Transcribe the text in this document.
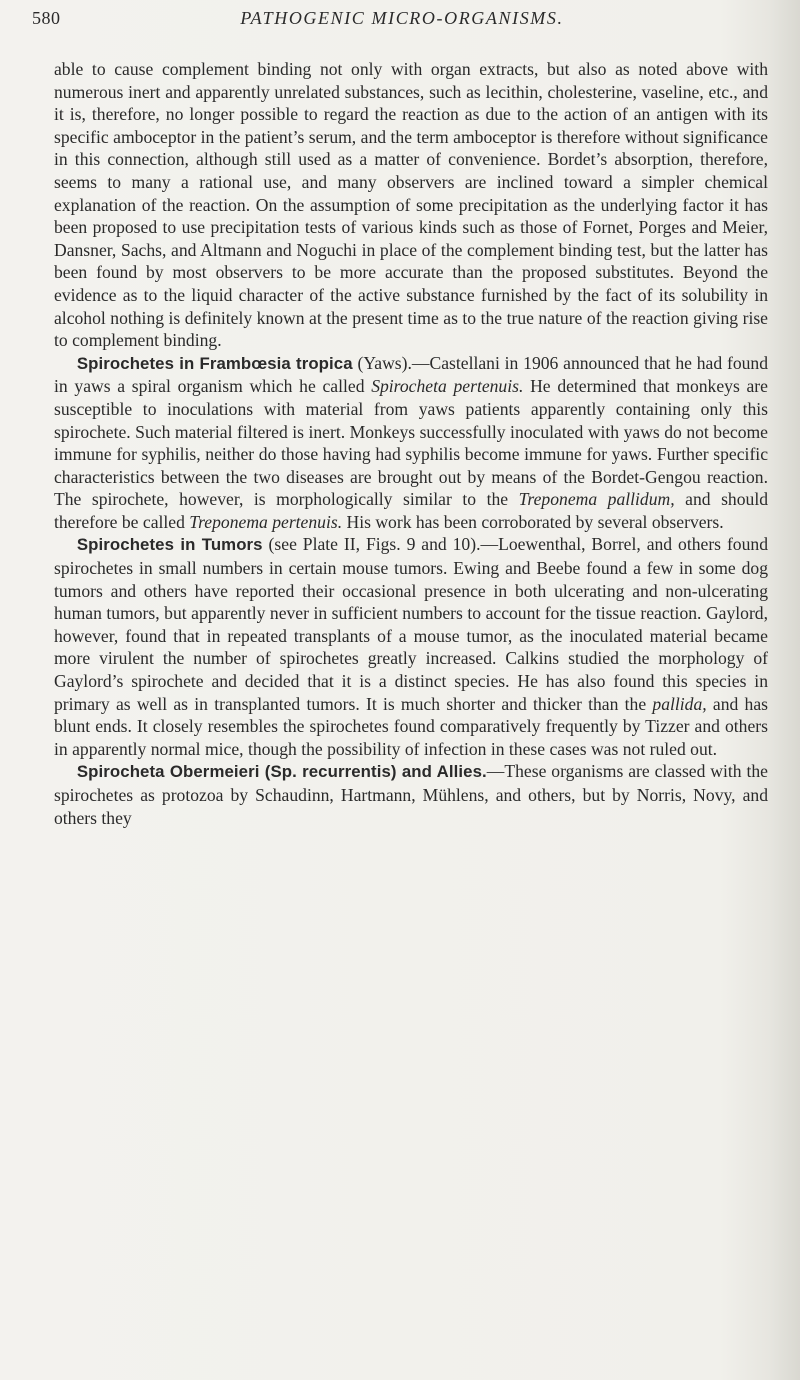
580	PATHOGENIC MICRO-ORGANISMS.

able to cause complement binding not only with organ extracts, but also as noted above with numerous inert and apparently unrelated substances, such as lecithin, cholesterine, vaseline, etc., and it is, therefore, no longer possible to regard the reaction as due to the action of an antigen with its specific amboceptor in the patient’s serum, and the term amboceptor is therefore without significance in this connection, although still used as a matter of convenience. Bordet’s absorption, therefore, seems to many a rational use, and many observers are inclined toward a simpler chemical explanation of the reaction. On the assumption of some precipitation as the underlying factor it has been proposed to use precipitation tests of various kinds such as those of Fornet, Porges and Meier, Dansner, Sachs, and Altmann and Noguchi in place of the complement binding test, but the latter has been found by most observers to be more accurate than the proposed substitutes. Beyond the evidence as to the liquid character of the active substance furnished by the fact of its solubility in alcohol nothing is definitely known at the present time as to the true nature of the reaction giving rise to complement binding.

Spirochetes in Frambœsia tropica (Yaws).—Castellani in 1906 announced that he had found in yaws a spiral organism which he called Spirocheta pertenuis. He determined that monkeys are susceptible to inoculations with material from yaws patients apparently containing only this spirochete. Such material filtered is inert. Monkeys successfully inoculated with yaws do not become immune for syphilis, neither do those having had syphilis become immune for yaws. Further specific characteristics between the two diseases are brought out by means of the Bordet-Gengou reaction. The spirochete, however, is morphologically similar to the Treponema pallidum, and should therefore be called Treponema pertenuis. His work has been corroborated by several observers.

Spirochetes in Tumors (see Plate II, Figs. 9 and 10).—Loewenthal, Borrel, and others found spirochetes in small numbers in certain mouse tumors. Ewing and Beebe found a few in some dog tumors and others have reported their occasional presence in both ulcerating and non-ulcerating human tumors, but apparently never in sufficient numbers to account for the tissue reaction. Gaylord, however, found that in repeated transplants of a mouse tumor, as the inoculated material became more virulent the number of spirochetes greatly increased. Calkins studied the morphology of Gaylord’s spirochete and decided that it is a distinct species. He has also found this species in primary as well as in transplanted tumors. It is much shorter and thicker than the pallida, and has blunt ends. It closely resembles the spirochetes found comparatively frequently by Tizzer and others in apparently normal mice, though the possibility of infection in these cases was not ruled out.

Spirocheta Obermeieri (Sp. recurrentis) and Allies.—These organisms are classed with the spirochetes as protozoa by Schaudinn, Hartmann, Mühlens, and others, but by Norris, Novy, and others they
